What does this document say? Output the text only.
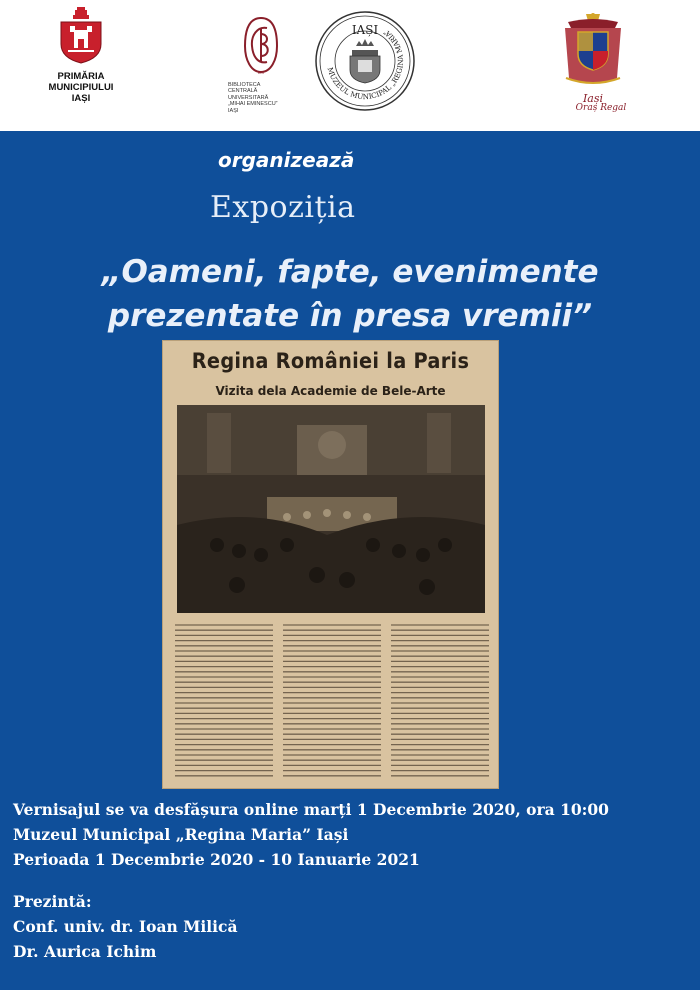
PRIMĂRIA
MUNICIPIULUI
IAȘI
BCU
BIBLIOTECA
CENTRALĂ
UNIVERSITARĂ
„MIHAI EMINESCU”
IAȘI
IAȘI
MUZEUL MUNICIPAL „REGINA MARIA”
Iași
Oraș Regal
organizează
Expoziția
„Oameni, fapte, evenimente
prezentate în presa vremii”
Regina României la Paris
Vizita dela Academie de Bele-Arte
Vernisajul se va desfășura online marți 1 Decembrie 2020, ora 10:00
Muzeul Municipal „Regina Maria” Iași
Perioada 1 Decembrie 2020 - 10 Ianuarie 2021
Prezintă:
Conf. univ. dr. Ioan Milică
Dr. Aurica Ichim
